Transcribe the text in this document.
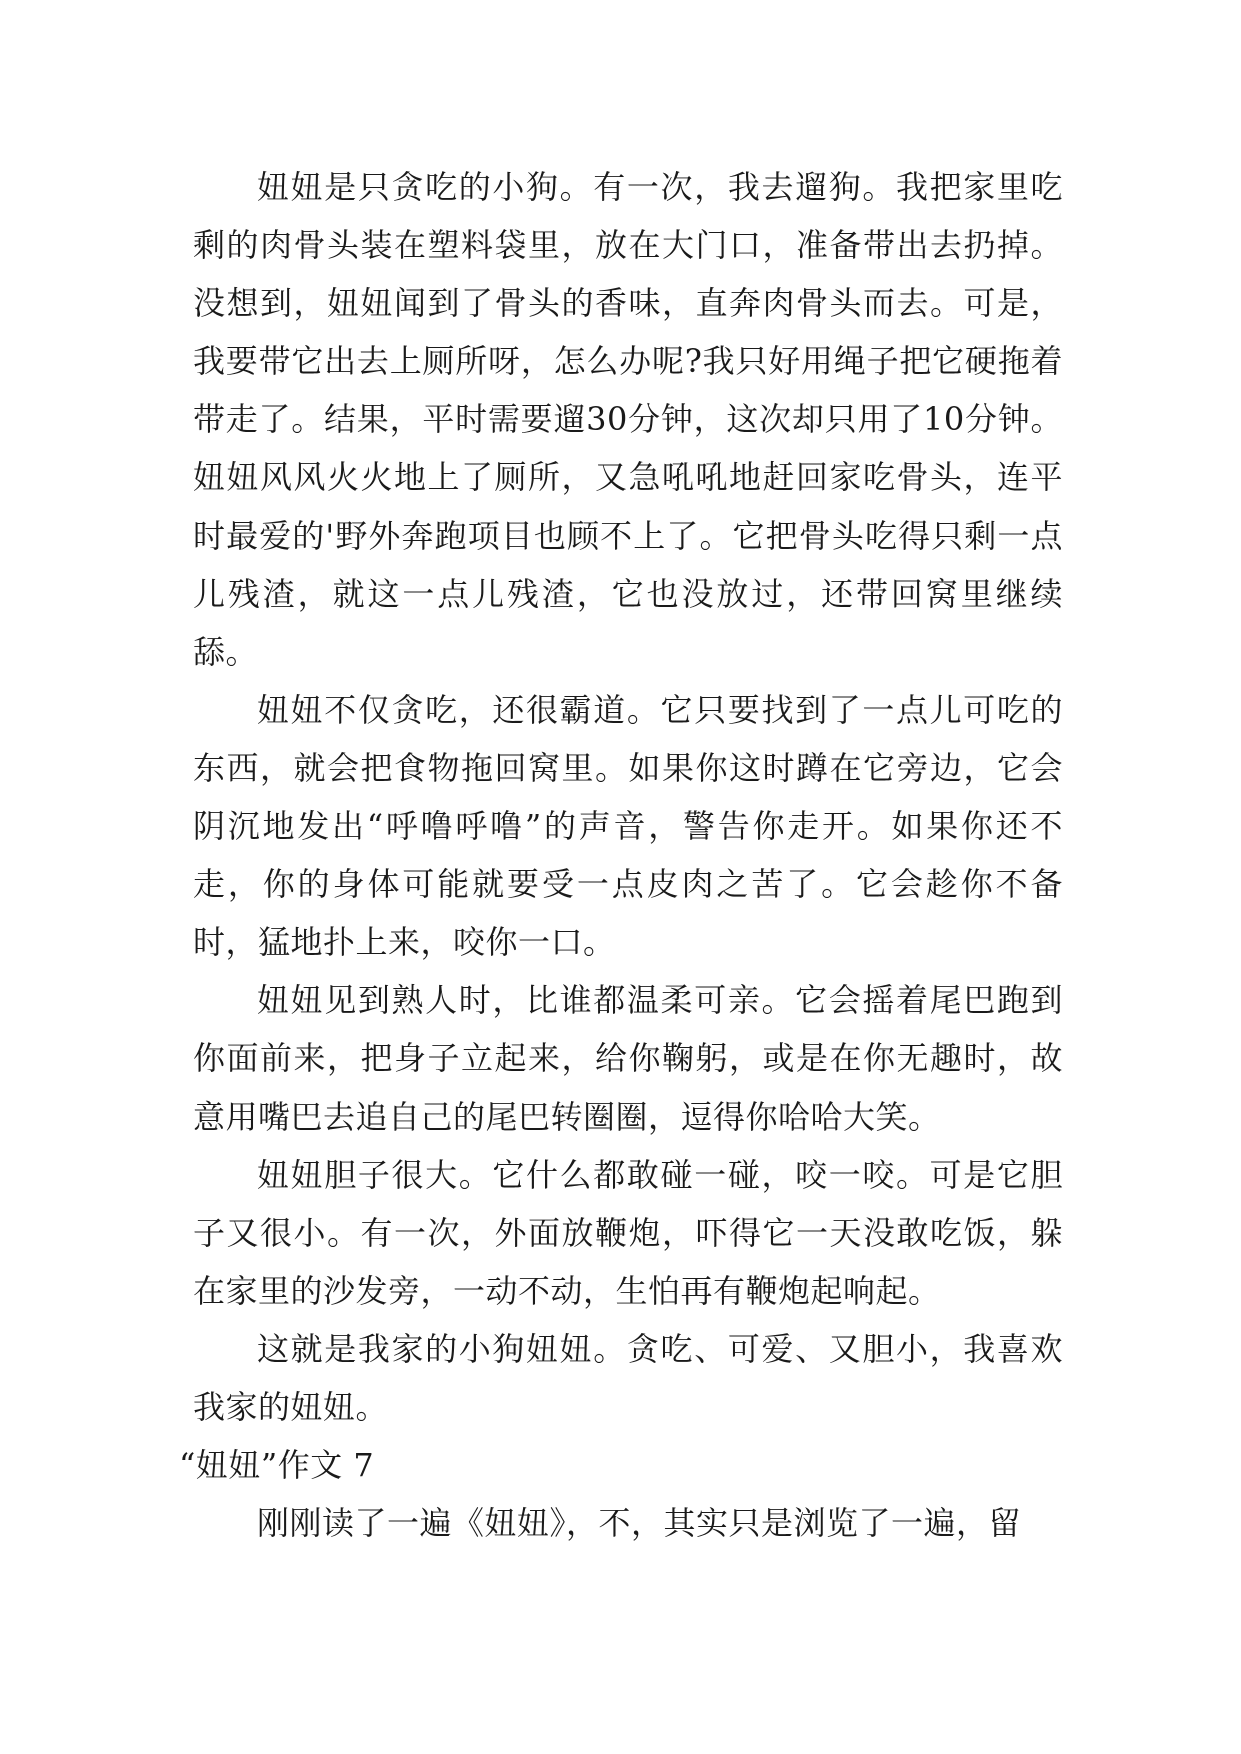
妞妞是只贪吃的小狗。有一次，我去遛狗。我把家里吃剩的肉骨头装在塑料袋里，放在大门口，准备带出去扔掉。没想到，妞妞闻到了骨头的香味，直奔肉骨头而去。可是，我要带它出去上厕所呀，怎么办呢?我只好用绳子把它硬拖着带走了。结果，平时需要遛30分钟，这次却只用了10分钟。妞妞风风火火地上了厕所，又急吼吼地赶回家吃骨头，连平时最爱的'野外奔跑项目也顾不上了。它把骨头吃得只剩一点儿残渣，就这一点儿残渣，它也没放过，还带回窝里继续舔。

妞妞不仅贪吃，还很霸道。它只要找到了一点儿可吃的东西，就会把食物拖回窝里。如果你这时蹲在它旁边，它会阴沉地发出“呼噜呼噜”的声音，警告你走开。如果你还不走，你的身体可能就要受一点皮肉之苦了。它会趁你不备时，猛地扑上来，咬你一口。

妞妞见到熟人时，比谁都温柔可亲。它会摇着尾巴跑到你面前来，把身子立起来，给你鞠躬，或是在你无趣时，故意用嘴巴去追自己的尾巴转圈圈，逗得你哈哈大笑。

妞妞胆子很大。它什么都敢碰一碰，咬一咬。可是它胆子又很小。有一次，外面放鞭炮，吓得它一天没敢吃饭，躲在家里的沙发旁，一动不动，生怕再有鞭炮起响起。

这就是我家的小狗妞妞。贪吃、可爱、又胆小，我喜欢我家的妞妞。

“妞妞”作文 7

刚刚读了一遍《妞妞》，不，其实只是浏览了一遍，留
